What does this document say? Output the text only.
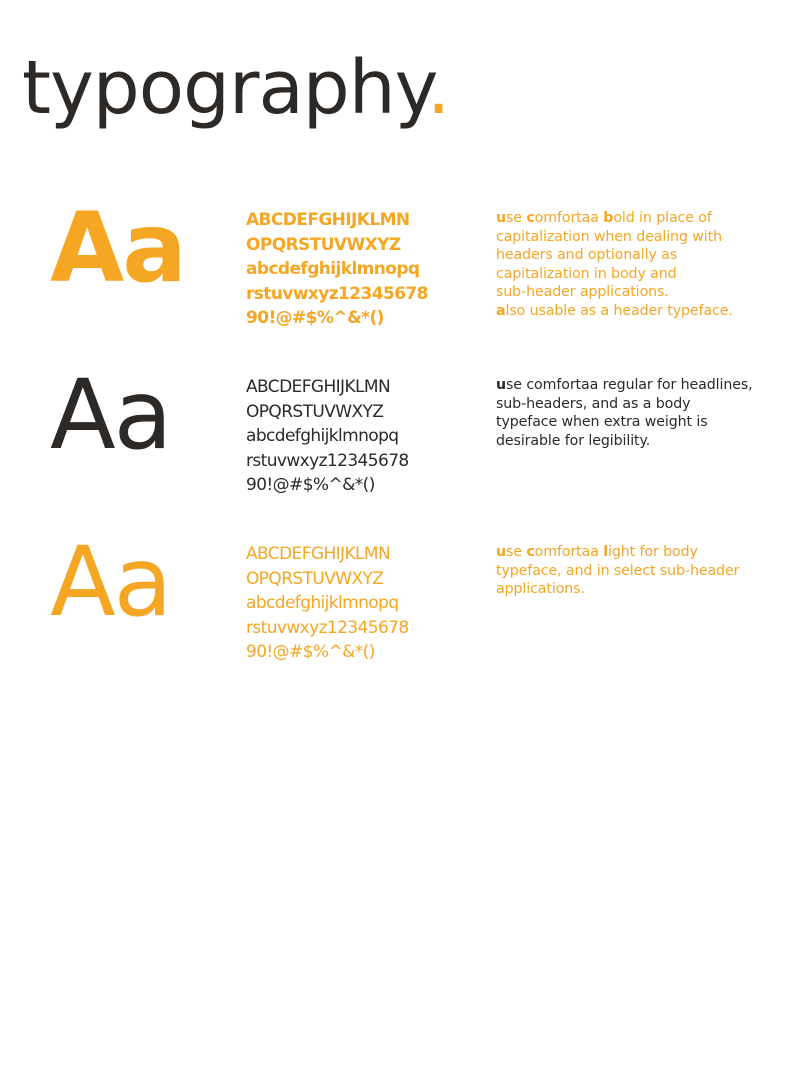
typography.
Aa	ABCDEFGHIJKLMN
OPQRSTUVWXYZ
abcdefghijklmnopq
rstuvwxyz12345678
90!@#$%^&*()
use comfortaa bold in place of
capitalization when dealing with
headers and optionally as
capitalization in body and
sub-header applications.
also usable as a header typeface.
Aa	ABCDEFGHIJKLMN
OPQRSTUVWXYZ
abcdefghijklmnopq
rstuvwxyz12345678
90!@#$%^&*()
use comfortaa regular for headlines,
sub-headers, and as a body
typeface when extra weight is
desirable for legibility.
Aa	ABCDEFGHIJKLMN
OPQRSTUVWXYZ
abcdefghijklmnopq
rstuvwxyz12345678
90!@#$%^&*()
use comfortaa light for body
typeface, and in select sub-header
applications.
